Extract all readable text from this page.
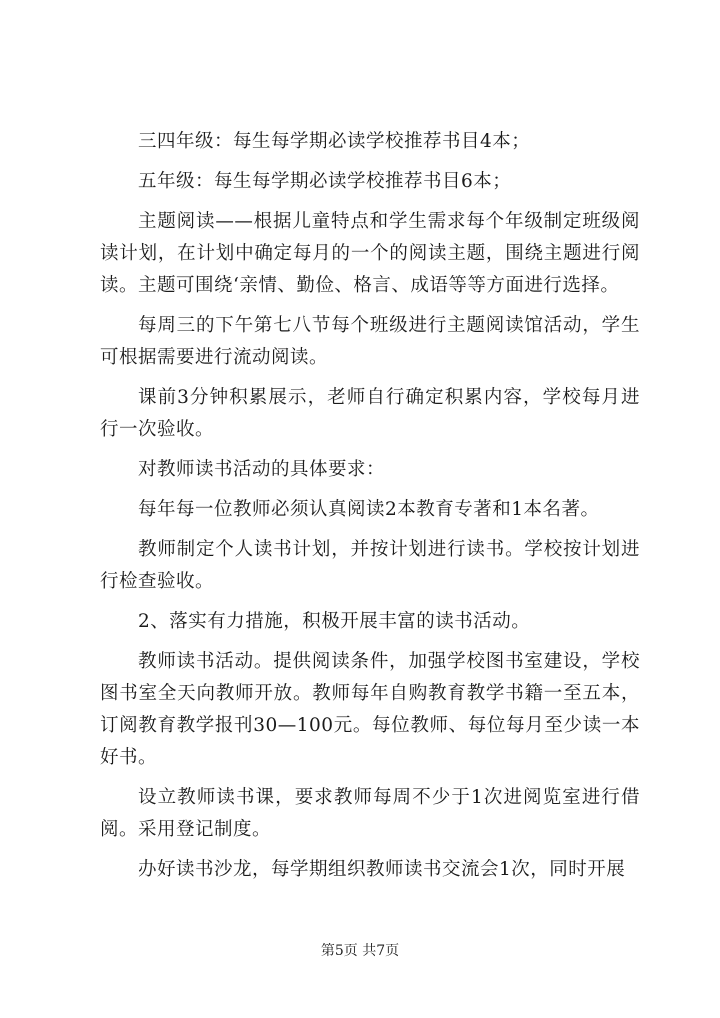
三四年级：每生每学期必读学校推荐书目4本；

五年级：每生每学期必读学校推荐书目6本；

主题阅读——根据儿童特点和学生需求每个年级制定班级阅读计划，在计划中确定每月的一个的阅读主题，围绕主题进行阅读。主题可围绕‘亲情、勤俭、格言、成语等等方面进行选择。

每周三的下午第七八节每个班级进行主题阅读馆活动，学生可根据需要进行流动阅读。

课前3分钟积累展示，老师自行确定积累内容，学校每月进行一次验收。

对教师读书活动的具体要求：

每年每一位教师必须认真阅读2本教育专著和1本名著。

教师制定个人读书计划，并按计划进行读书。学校按计划进行检查验收。

2、落实有力措施，积极开展丰富的读书活动。

教师读书活动。提供阅读条件，加强学校图书室建设，学校图书室全天向教师开放。教师每年自购教育教学书籍一至五本，订阅教育教学报刊30—100元。每位教师、每位每月至少读一本好书。

设立教师读书课，要求教师每周不少于1次进阅览室进行借阅。采用登记制度。

办好读书沙龙，每学期组织教师读书交流会1次，同时开展

第5页 共7页
